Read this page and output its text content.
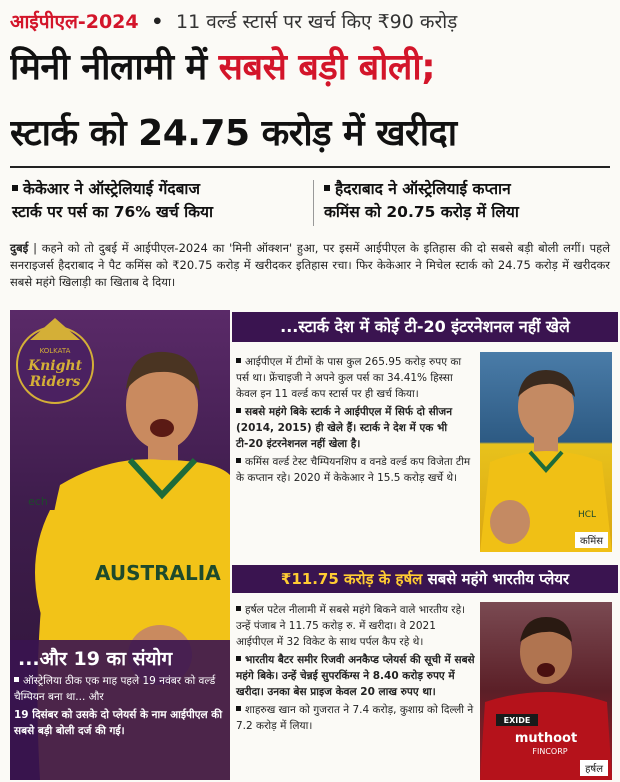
आईपीएल-2024 • 11 वर्ल्ड स्टार्स पर खर्च किए ₹90 करोड़
मिनी नीलामी में सबसे बड़ी बोली;
स्टार्क को 24.75 करोड़ में खरीदा
केकेआर ने ऑस्ट्रेलियाई गेंदबाज
स्टार्क पर पर्स का 76% खर्च किया
हैदराबाद ने ऑस्ट्रेलियाई कप्तान
कमिंस को 20.75 करोड़ में लिया
दुबई | कहने को तो दुबई में आईपीएल-2024 का 'मिनी ऑक्शन' हुआ, पर इसमें आईपीएल के इतिहास की दो सबसे बड़ी बोली लगीं। पहले सनराइजर्स हैदराबाद ने पैट कमिंस को ₹20.75 करोड़ में खरीदकर इतिहास रचा। फिर केकेआर ने मिचेल स्टार्क को 24.75 करोड़ में खरीदकर सबसे महंगे खिलाड़ी का खिताब दे दिया।
KOLKATA
Knight
Riders
AUSTRALIA
ech
...और 19 का संयोग
ऑस्ट्रेलिया ठीक एक माह पहले 19 नवंबर को वर्ल्ड चैम्पियन बना था... और
19 दिसंबर को उसके दो प्लेयर्स के नाम आईपीएल की सबसे बड़ी बोली दर्ज की गई।
...स्टार्क देश में कोई टी-20 इंटरनेशनल नहीं खेले

आईपीएल में टीमों के पास कुल 265.95 करोड़ रुपए का पर्स था। फ्रेंचाइजी ने अपने कुल पर्स का 34.41% हिस्सा केवल इन 11 वर्ल्ड कप स्टार्स पर ही खर्च किया।

सबसे महंगे बिके स्टार्क ने आईपीएल में सिर्फ दो सीजन (2014, 2015) ही खेले हैं। स्टार्क ने देश में एक भी टी-20 इंटरनेशनल नहीं खेला है।

कमिंस वर्ल्ड टेस्ट चैम्पियनशिप व वनडे वर्ल्ड कप विजेता टीम के कप्तान रहे। 2020 में केकेआर ने 15.5 करोड़ खर्चे थे।

HCL
कमिंस
₹11.75 करोड़ के हर्षल सबसे महंगे भारतीय प्लेयर

हर्षल पटेल नीलामी में सबसे महंगे बिकने वाले भारतीय रहे। उन्हें पंजाब ने 11.75 करोड़ रु. में खरीदा। वे 2021 आईपीएल में 32 विकेट के साथ पर्पल कैप रहे थे।

भारतीय बैटर समीर रिजवी अनकैप्ड प्लेयर्स की सूची में सबसे महंगे बिके। उन्हें चेन्नई सुपरकिंग्स ने 8.40 करोड़ रुपए में खरीदा। उनका बेस प्राइज केवल 20 लाख रुपए था।

शाहरुख खान को गुजरात ने 7.4 करोड़, कुशाग्र को दिल्ली ने 7.2 करोड़ में लिया।	EXIDE
muthoot
FINCORP
हर्षल
